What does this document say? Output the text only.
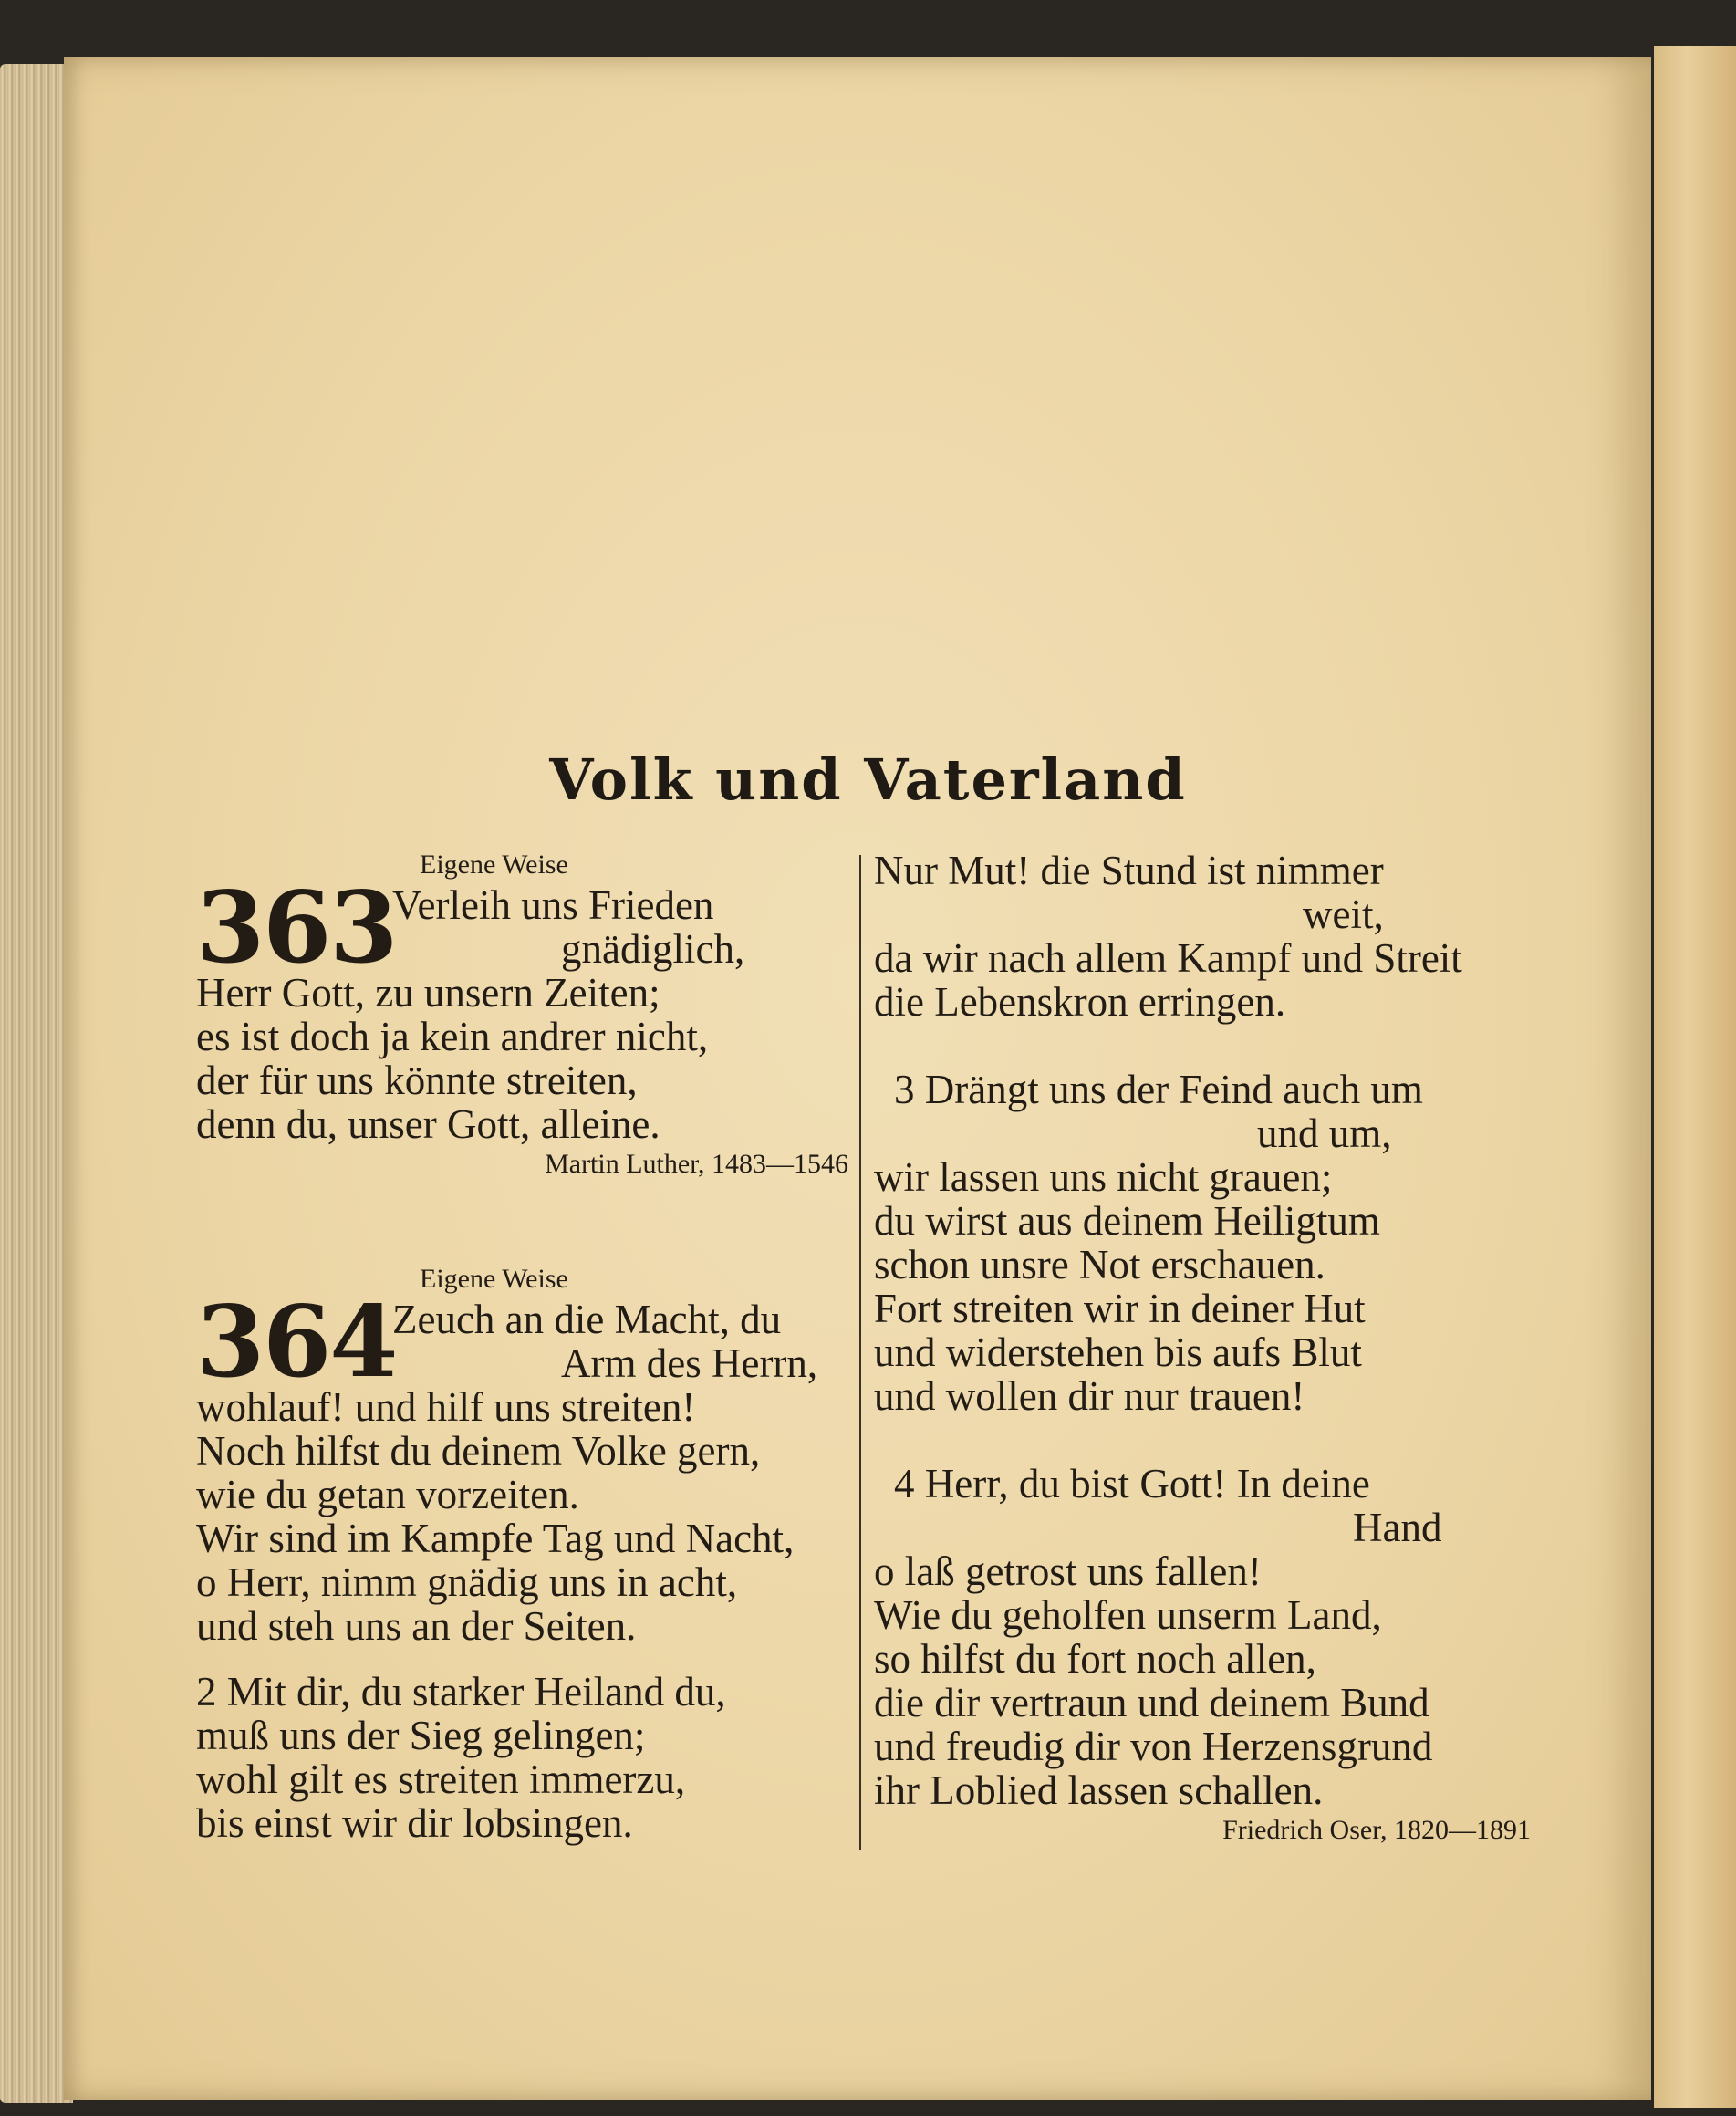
Volk und Vaterland
Eigene Weise
363
Verleih uns Frieden
gnädiglich,
Herr Gott, zu unsern Zeiten;
es ist doch ja kein andrer nicht,
der für uns könnte streiten,
denn du, unser Gott, alleine.
Martin Luther, 1483—1546
Eigene Weise
364
Zeuch an die Macht, du
Arm des Herrn,
wohlauf! und hilf uns streiten!
Noch hilfst du deinem Volke gern,
wie du getan vorzeiten.
Wir sind im Kampfe Tag und Nacht,
o Herr, nimm gnädig uns in acht,
und steh uns an der Seiten.
2 Mit dir, du starker Heiland du,
muß uns der Sieg gelingen;
wohl gilt es streiten immerzu,
bis einst wir dir lobsingen.
Nur Mut! die Stund ist nimmer
weit,
da wir nach allem Kampf und Streit
die Lebenskron erringen.
3 Drängt uns der Feind auch um
und um,
wir lassen uns nicht grauen;
du wirst aus deinem Heiligtum
schon unsre Not erschauen.
Fort streiten wir in deiner Hut
und widerstehen bis aufs Blut
und wollen dir nur trauen!
4 Herr, du bist Gott! In deine
Hand
o laß getrost uns fallen!
Wie du geholfen unserm Land,
so hilfst du fort noch allen,
die dir vertraun und deinem Bund
und freudig dir von Herzensgrund
ihr Loblied lassen schallen.
Friedrich Oser, 1820—1891
